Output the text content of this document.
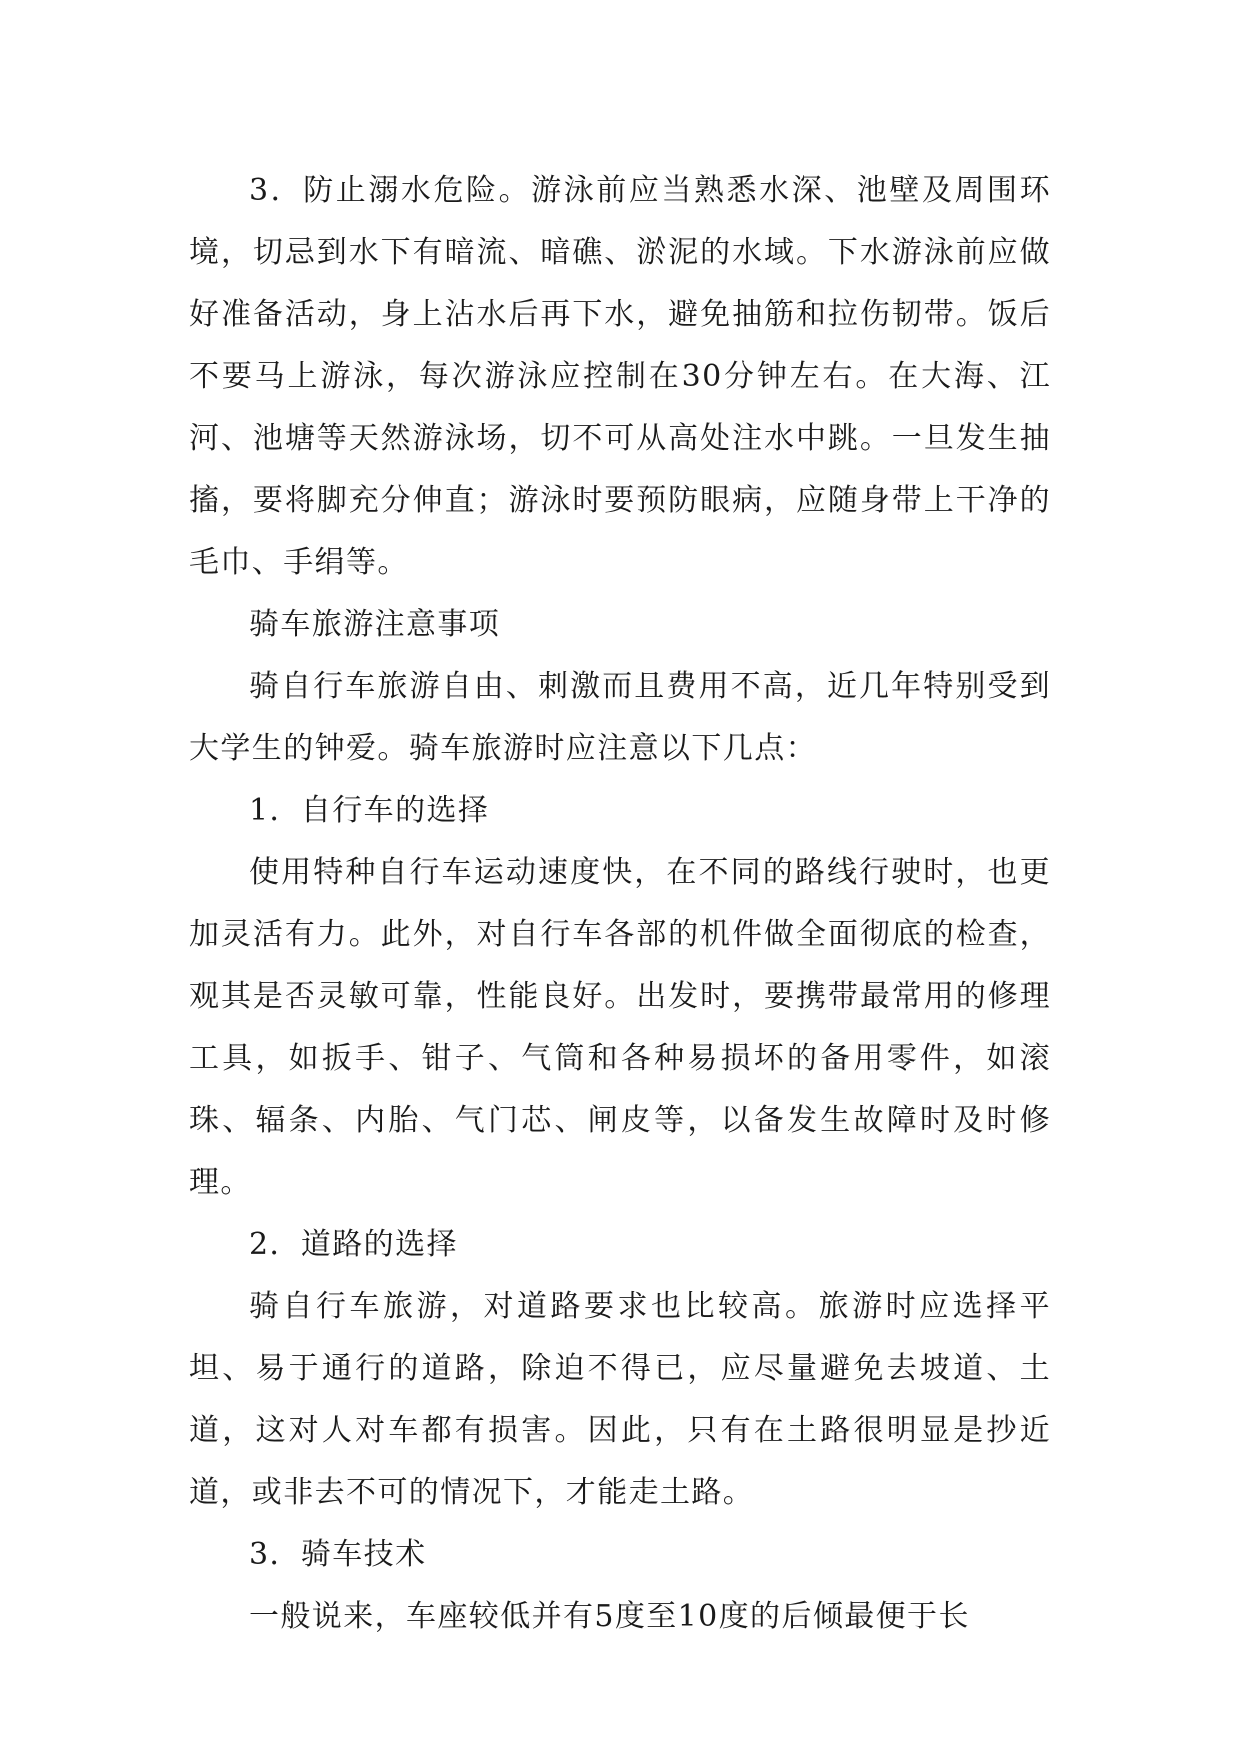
3．防止溺水危险。游泳前应当熟悉水深、池壁及周围环境，切忌到水下有暗流、暗礁、淤泥的水域。下水游泳前应做好准备活动，身上沾水后再下水，避免抽筋和拉伤韧带。饭后不要马上游泳，每次游泳应控制在30分钟左右。在大海、江河、池塘等天然游泳场，切不可从高处注水中跳。一旦发生抽搐，要将脚充分伸直；游泳时要预防眼病，应随身带上干净的毛巾、手绢等。

骑车旅游注意事项

骑自行车旅游自由、刺激而且费用不高，近几年特别受到大学生的钟爱。骑车旅游时应注意以下几点：

1．自行车的选择

使用特种自行车运动速度快，在不同的路线行驶时，也更加灵活有力。此外，对自行车各部的机件做全面彻底的检查，观其是否灵敏可靠，性能良好。出发时，要携带最常用的修理工具，如扳手、钳子、气筒和各种易损坏的备用零件，如滚珠、辐条、内胎、气门芯、闸皮等，以备发生故障时及时修理。

2．道路的选择

骑自行车旅游，对道路要求也比较高。旅游时应选择平坦、易于通行的道路，除迫不得已，应尽量避免去坡道、土道，这对人对车都有损害。因此，只有在土路很明显是抄近道，或非去不可的情况下，才能走土路。

3．骑车技术

一般说来，车座较低并有5度至10度的后倾最便于长
